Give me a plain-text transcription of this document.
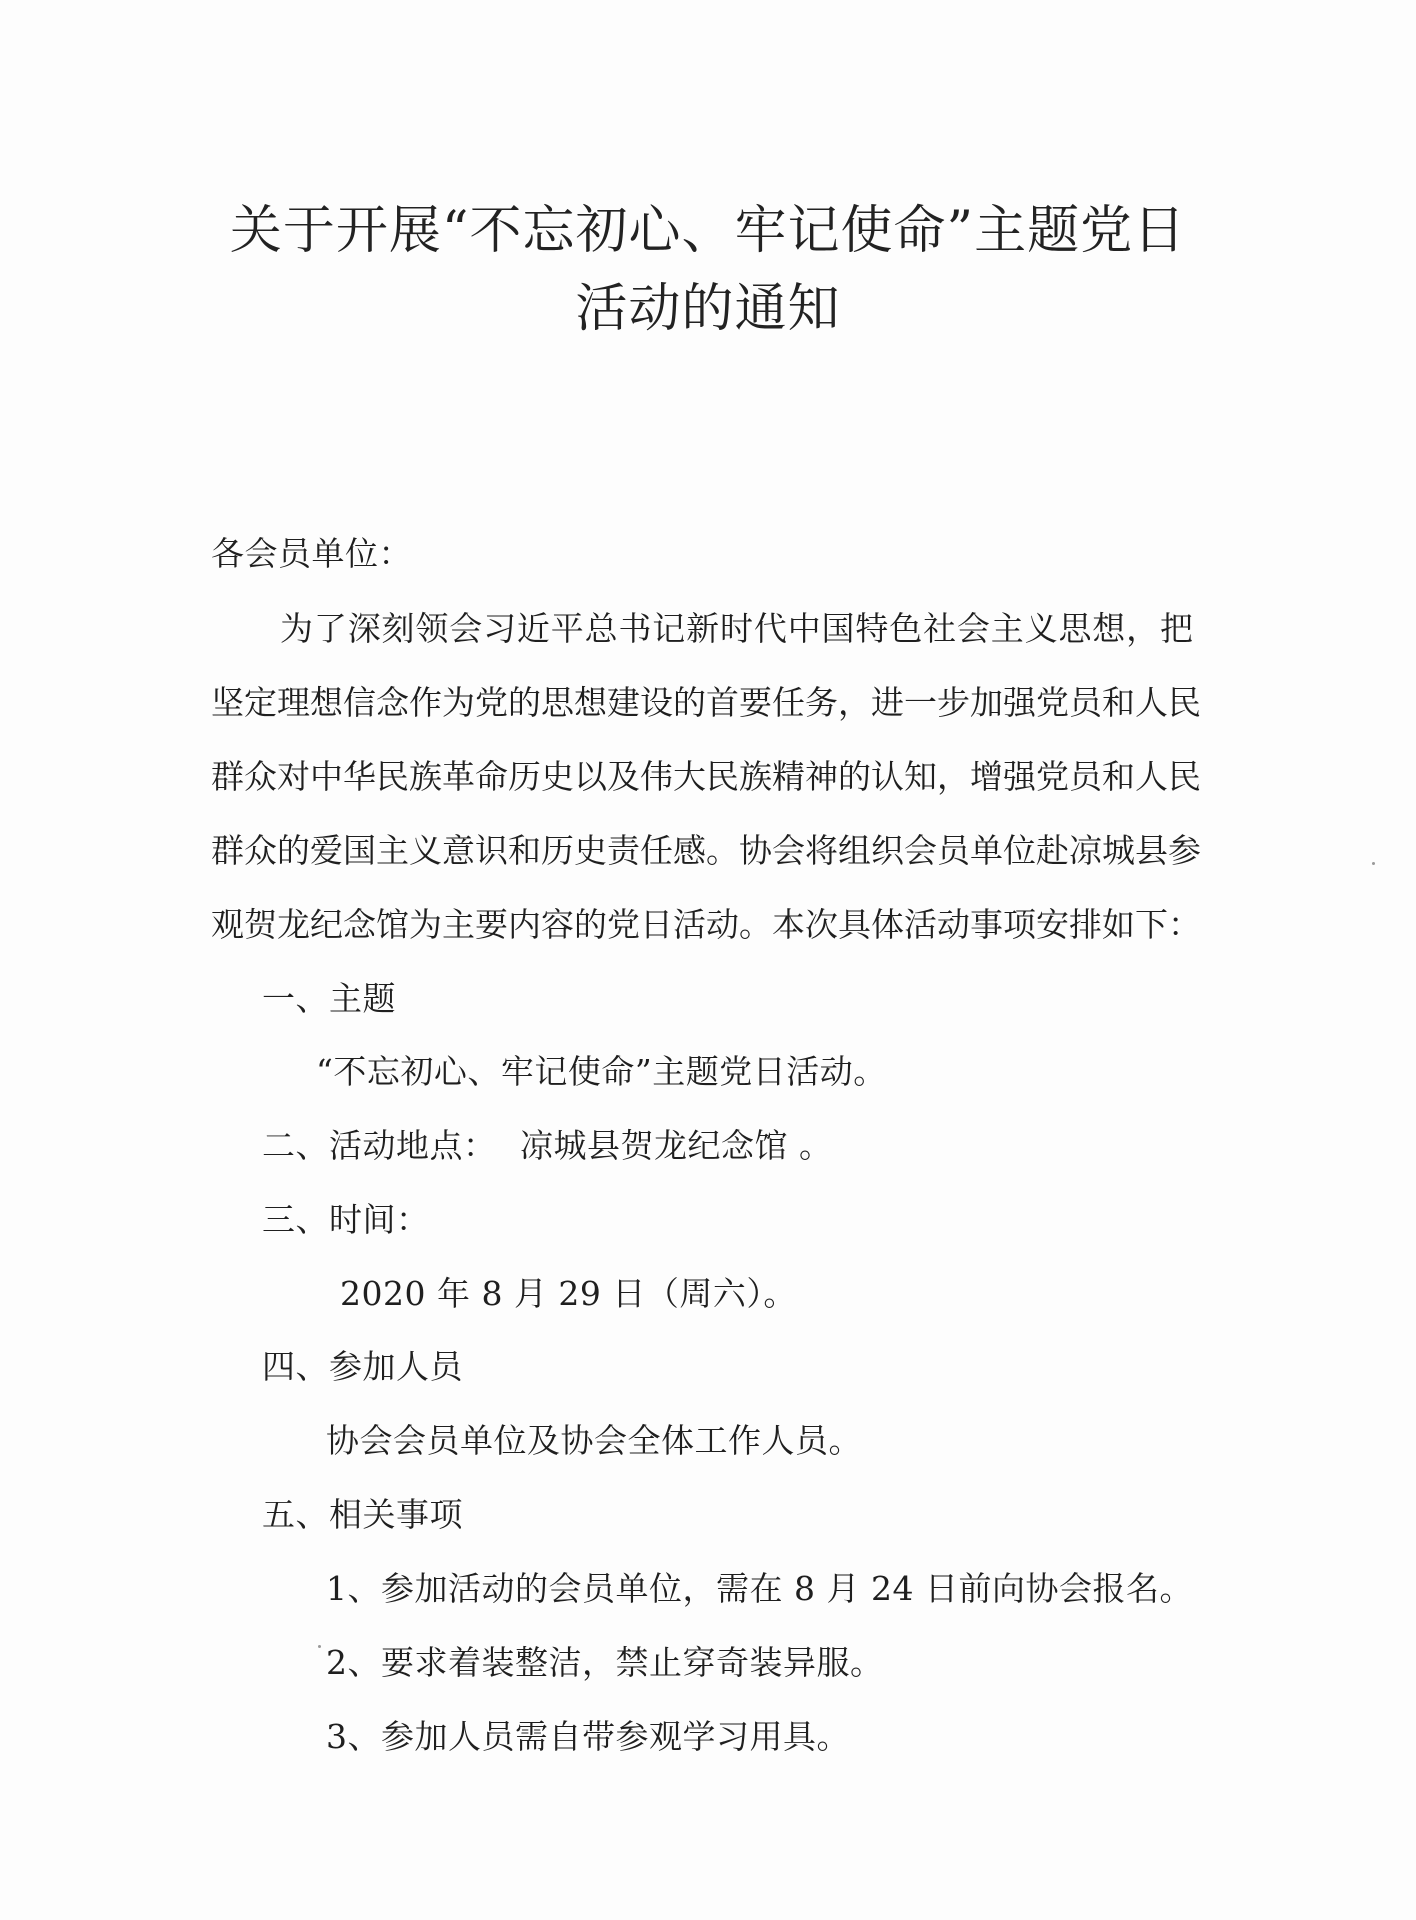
关于开展“不忘初心、牢记使命”主题党日
活动的通知
各会员单位：
为了深刻领会习近平总书记新时代中国特色社会主义思想，把
坚定理想信念作为党的思想建设的首要任务，进一步加强党员和人民
群众对中华民族革命历史以及伟大民族精神的认知，增强党员和人民
群众的爱国主义意识和历史责任感。协会将组织会员单位赴凉城县参
观贺龙纪念馆为主要内容的党日活动。本次具体活动事项安排如下：
一、主题
“不忘初心、牢记使命”主题党日活动。
二、活动地点： 凉城县贺龙纪念馆 。
三、时间：
2020 年 8 月 29 日（周六）。
四、参加人员
协会会员单位及协会全体工作人员。
五、相关事项
1、参加活动的会员单位，需在 8 月 24 日前向协会报名。
2、要求着装整洁，禁止穿奇装异服。
3、参加人员需自带参观学习用具。
